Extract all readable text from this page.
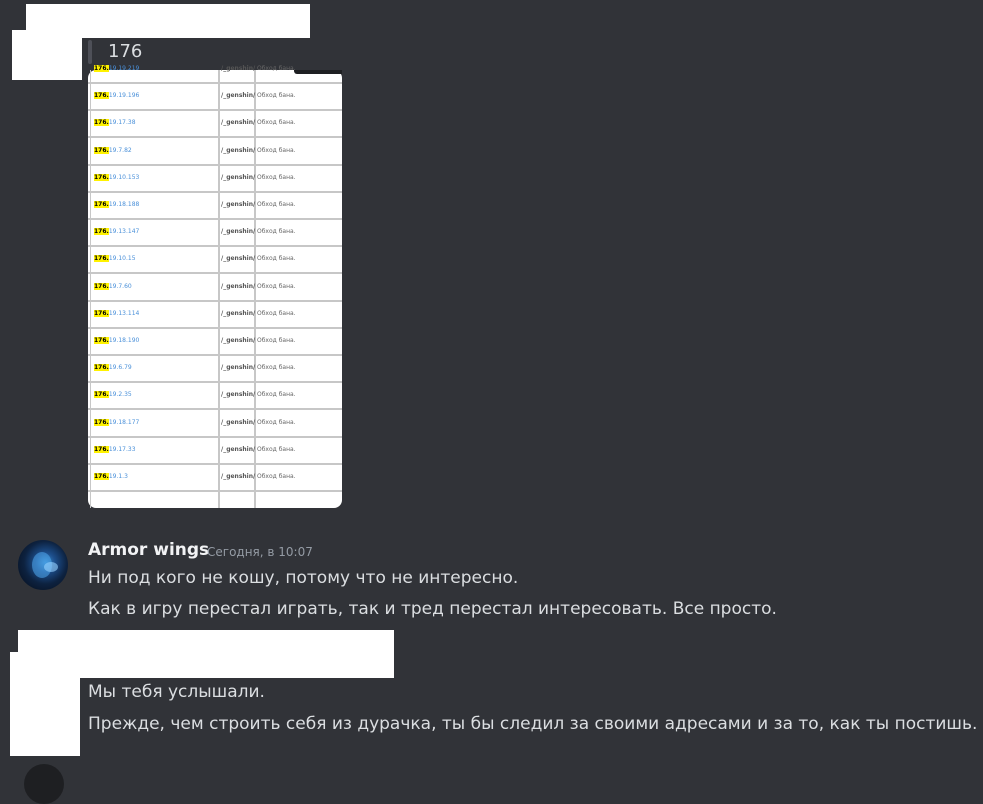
176
176.19.19.219	/_genshin/ Обход бана.
176.19.19.196	/_genshin/ Обход бана.
176.19.17.38	/_genshin/ Обход бана.
176.19.7.82	/_genshin/ Обход бана.
176.19.10.153	/_genshin/ Обход бана.
176.19.18.188	/_genshin/ Обход бана.
176.19.13.147	/_genshin/ Обход бана.
176.19.10.15	/_genshin/ Обход бана.
176.19.7.60	/_genshin/ Обход бана.
176.19.13.114	/_genshin/ Обход бана.
176.19.18.190	/_genshin/ Обход бана.
176.19.6.79	/_genshin/ Обход бана.
176.19.2.35	/_genshin/ Обход бана.
176.19.18.177	/_genshin/ Обход бана.
176.19.17.33	/_genshin/ Обход бана.
176.19.1.3	/_genshin/ Обход бана.
Armor wings
Сегодня, в 10:07
Ни под кого не кошу, потому что не интересно.
Как в игру перестал играть, так и тред перестал интересовать. Все просто.
Мы тебя услышали.
Прежде, чем строить себя из дурачка, ты бы следил за своими адресами и за то, как ты постишь.
